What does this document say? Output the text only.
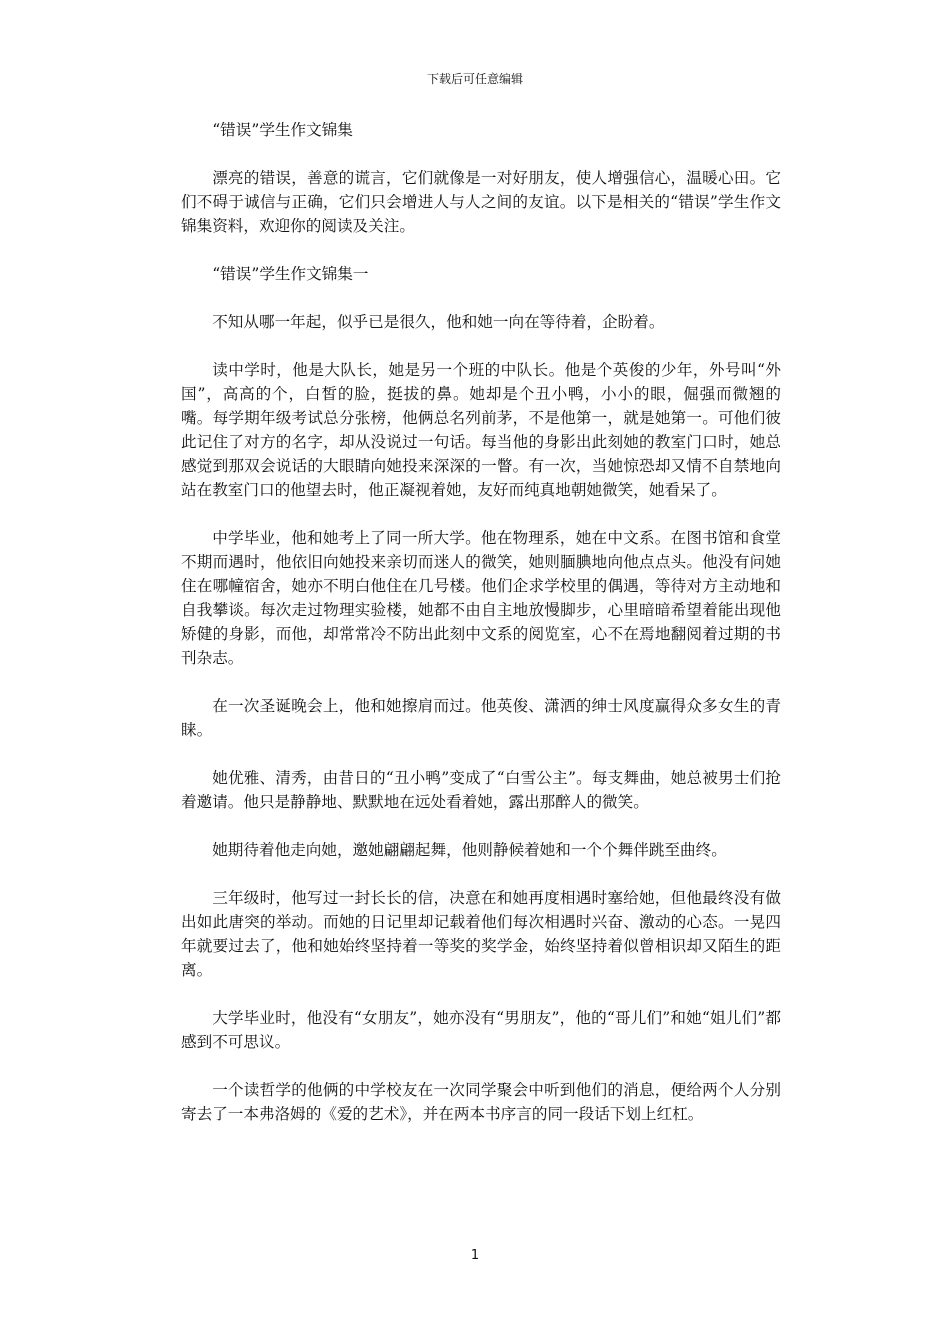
下载后可任意编辑

“错误”学生作文锦集

漂亮的错误，善意的谎言，它们就像是一对好朋友，使人增强信心，温暖心田。它们不碍于诚信与正确，它们只会增进人与人之间的友谊。以下是相关的“错误”学生作文锦集资料，欢迎你的阅读及关注。

“错误”学生作文锦集一

不知从哪一年起，似乎已是很久，他和她一向在等待着，企盼着。

读中学时，他是大队长，她是另一个班的中队长。他是个英俊的少年，外号叫“外国”，高高的个，白皙的脸，挺拔的鼻。她却是个丑小鸭，小小的眼，倔强而微翘的嘴。每学期年级考试总分张榜，他俩总名列前茅，不是他第一，就是她第一。可他们彼此记住了对方的名字，却从没说过一句话。每当他的身影出此刻她的教室门口时，她总感觉到那双会说话的大眼睛向她投来深深的一瞥。有一次，当她惊恐却又情不自禁地向站在教室门口的他望去时，他正凝视着她，友好而纯真地朝她微笑，她看呆了。

中学毕业，他和她考上了同一所大学。他在物理系，她在中文系。在图书馆和食堂不期而遇时，他依旧向她投来亲切而迷人的微笑，她则腼腆地向他点点头。他没有问她住在哪幢宿舍，她亦不明白他住在几号楼。他们企求学校里的偶遇，等待对方主动地和自我攀谈。每次走过物理实验楼，她都不由自主地放慢脚步，心里暗暗希望着能出现他矫健的身影，而他，却常常冷不防出此刻中文系的阅览室，心不在焉地翻阅着过期的书刊杂志。

在一次圣诞晚会上，他和她擦肩而过。他英俊、潇洒的绅士风度赢得众多女生的青睐。

她优雅、清秀，由昔日的“丑小鸭”变成了“白雪公主”。每支舞曲，她总被男士们抢着邀请。他只是静静地、默默地在远处看着她，露出那醉人的微笑。

她期待着他走向她，邀她翩翩起舞，他则静候着她和一个个舞伴跳至曲终。

三年级时，他写过一封长长的信，决意在和她再度相遇时塞给她，但他最终没有做出如此唐突的举动。而她的日记里却记载着他们每次相遇时兴奋、激动的心态。一晃四年就要过去了，他和她始终坚持着一等奖的奖学金，始终坚持着似曾相识却又陌生的距离。

大学毕业时，他没有“女朋友”，她亦没有“男朋友”，他的“哥儿们”和她“姐儿们”都感到不可思议。

一个读哲学的他俩的中学校友在一次同学聚会中听到他们的消息，便给两个人分别寄去了一本弗洛姆的《爱的艺术》，并在两本书序言的同一段话下划上红杠。

1
